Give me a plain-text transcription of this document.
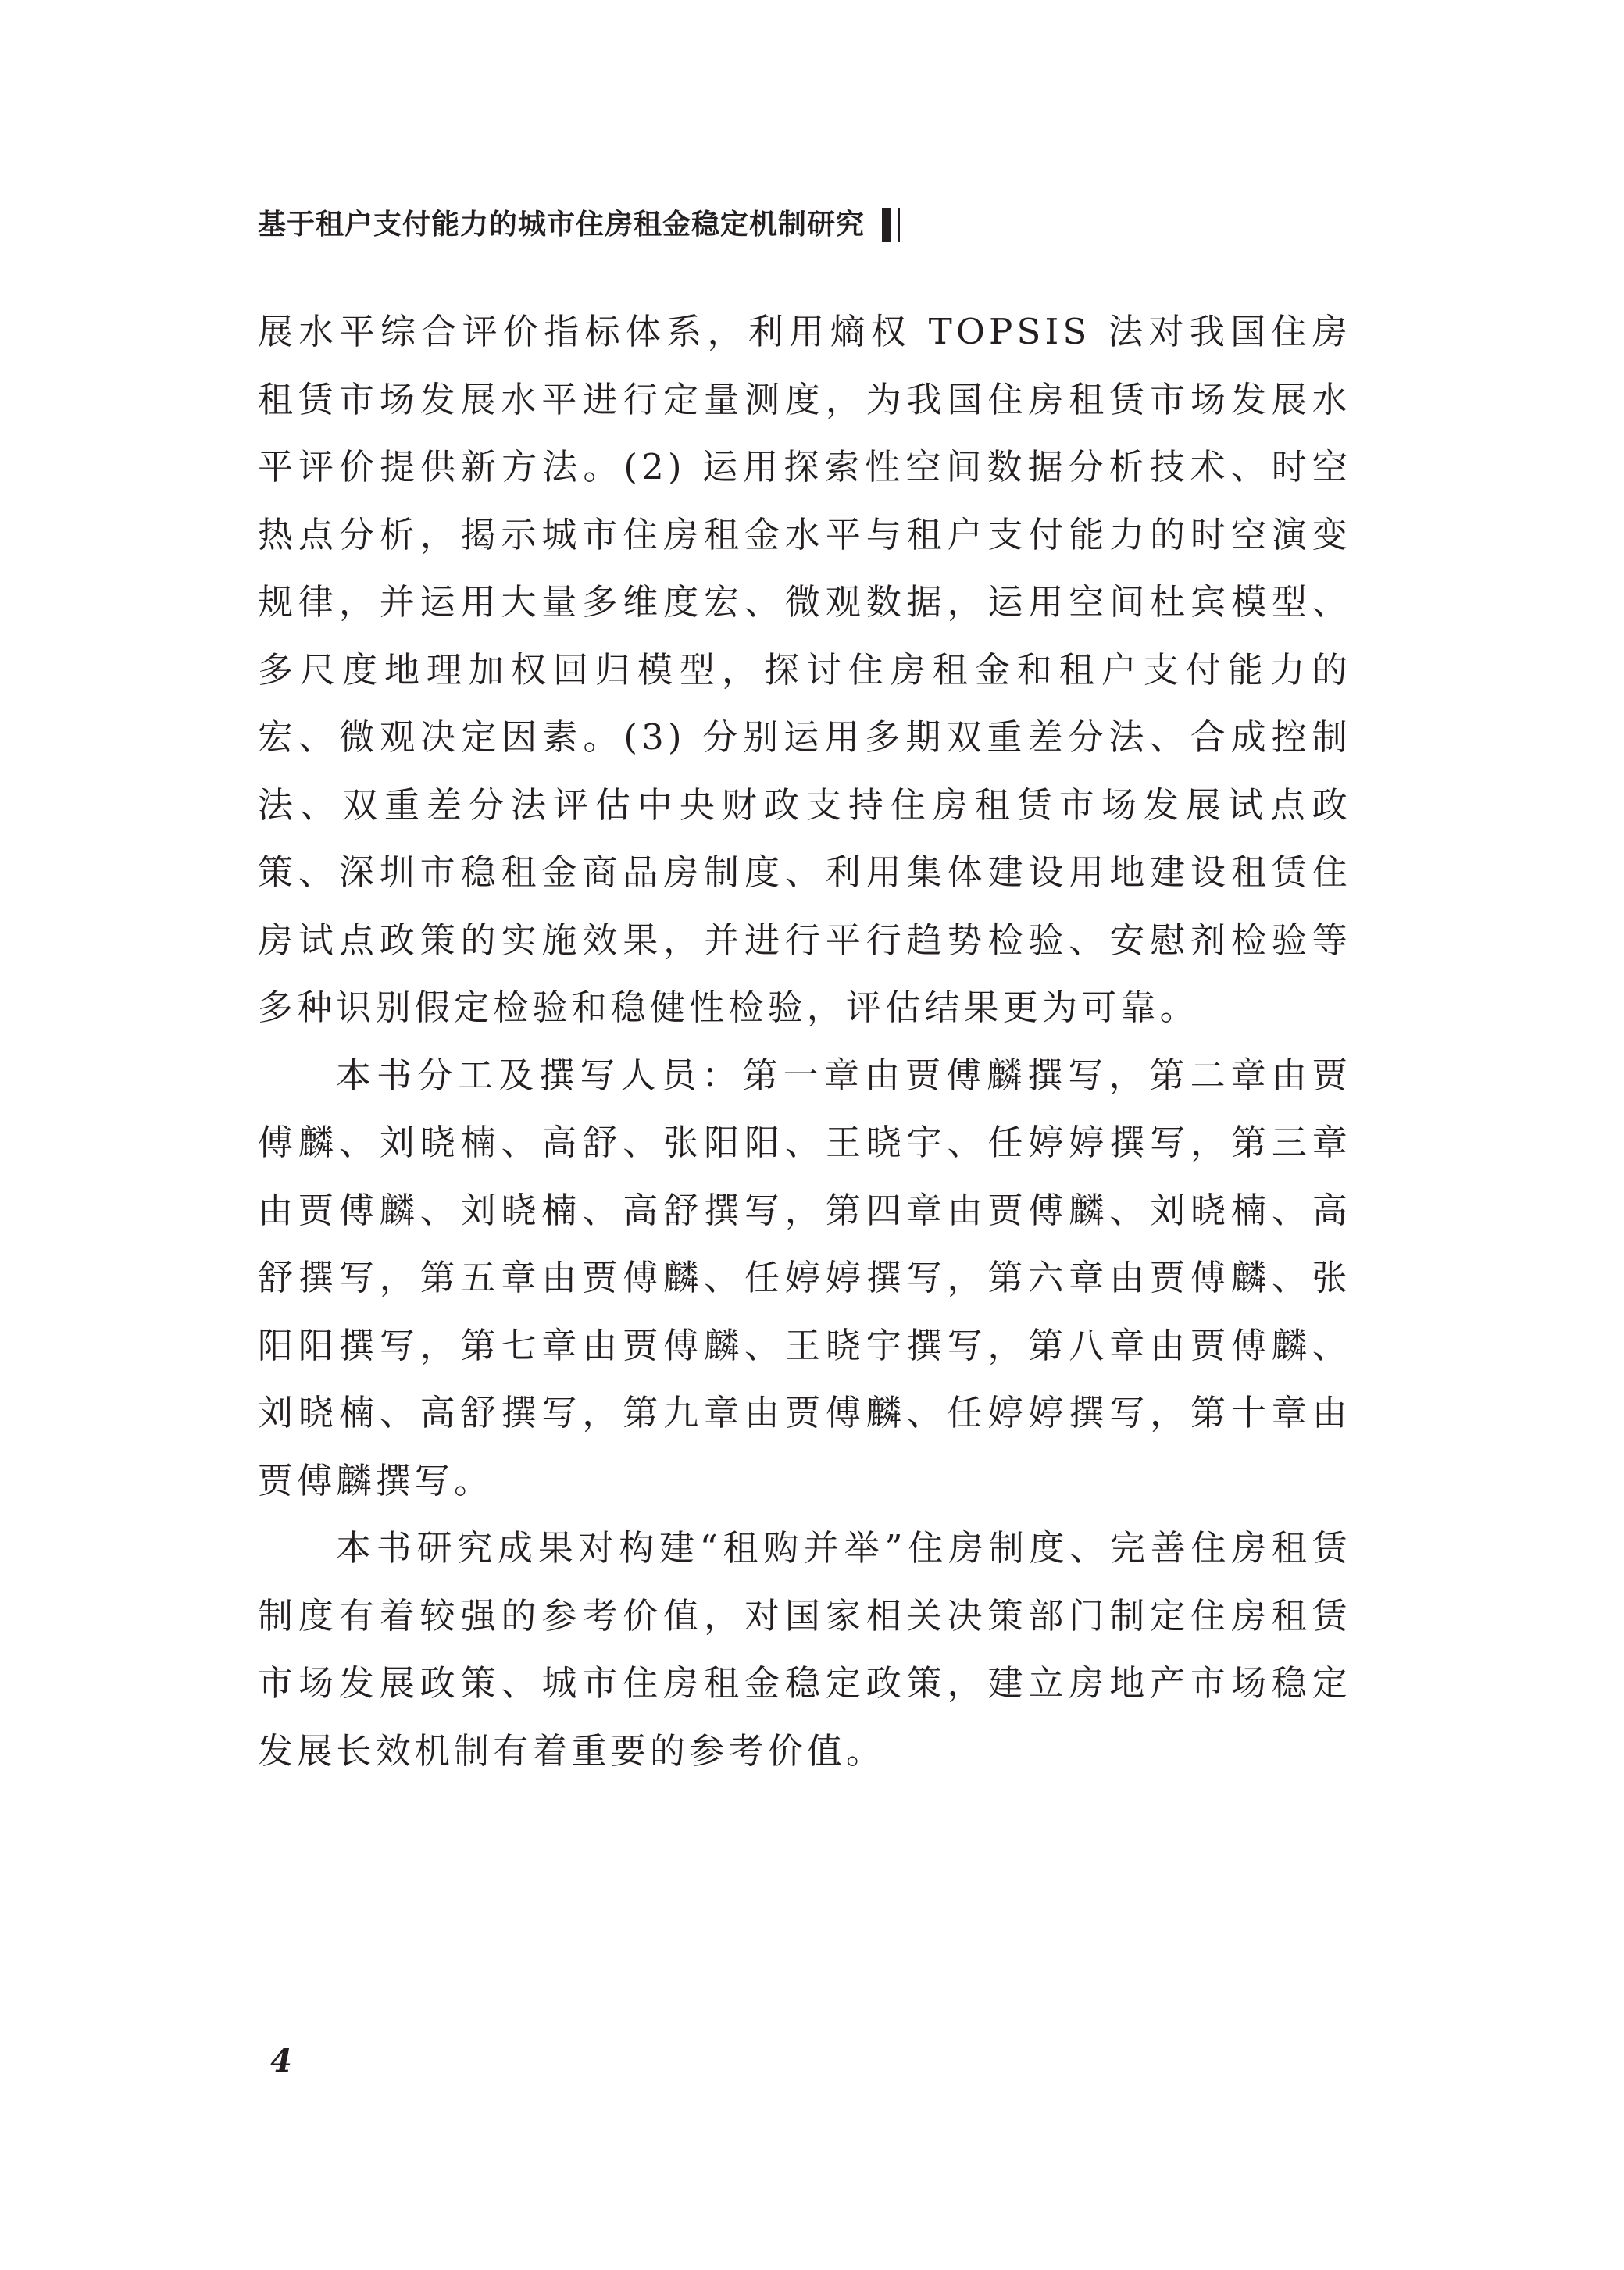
基于租户支付能力的城市住房租金稳定机制研究

展水平综合评价指标体系，利用熵权 TOPSIS 法对我国住房租赁市场发展水平进行定量测度，为我国住房租赁市场发展水平评价提供新方法。(2) 运用探索性空间数据分析技术、时空热点分析，揭示城市住房租金水平与租户支付能力的时空演变规律，并运用大量多维度宏、微观数据，运用空间杜宾模型、多尺度地理加权回归模型，探讨住房租金和租户支付能力的宏、微观决定因素。(3) 分别运用多期双重差分法、合成控制法、双重差分法评估中央财政支持住房租赁市场发展试点政策、深圳市稳租金商品房制度、利用集体建设用地建设租赁住房试点政策的实施效果，并进行平行趋势检验、安慰剂检验等多种识别假定检验和稳健性检验，评估结果更为可靠。

本书分工及撰写人员：第一章由贾傅麟撰写，第二章由贾傅麟、刘晓楠、高舒、张阳阳、王晓宇、任婷婷撰写，第三章由贾傅麟、刘晓楠、高舒撰写，第四章由贾傅麟、刘晓楠、高舒撰写，第五章由贾傅麟、任婷婷撰写，第六章由贾傅麟、张阳阳撰写，第七章由贾傅麟、王晓宇撰写，第八章由贾傅麟、刘晓楠、高舒撰写，第九章由贾傅麟、任婷婷撰写，第十章由贾傅麟撰写。

本书研究成果对构建“租购并举”住房制度、完善住房租赁制度有着较强的参考价值，对国家相关决策部门制定住房租赁市场发展政策、城市住房租金稳定政策，建立房地产市场稳定发展长效机制有着重要的参考价值。

4
